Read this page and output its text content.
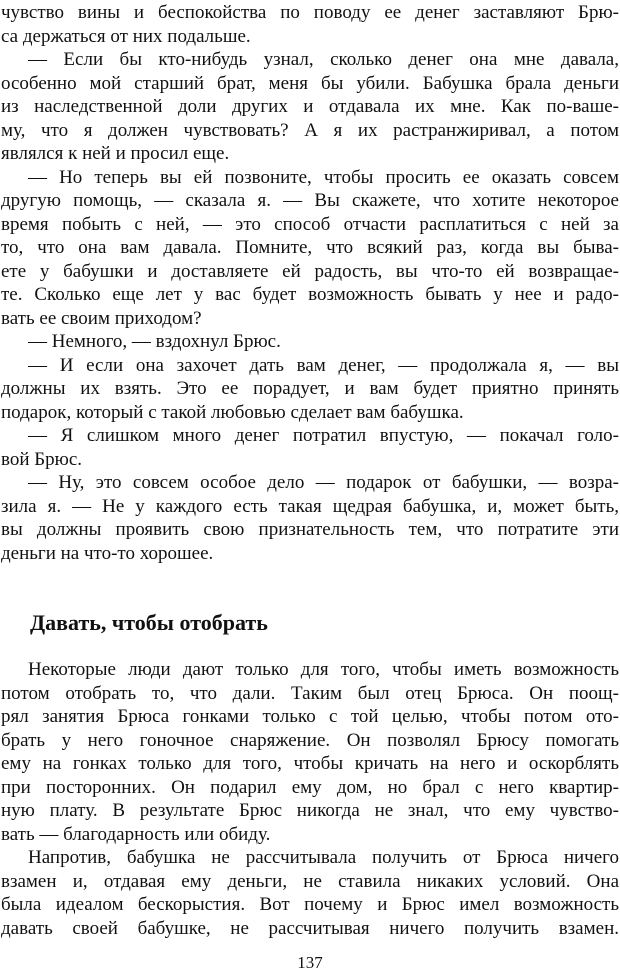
чувство вины и беспокойства по поводу ее денег заставляют Брю-
са держаться от них подальше.
— Если бы кто-нибудь узнал, сколько денег она мне давала,
особенно мой старший брат, меня бы убили. Бабушка брала деньги
из наследственной доли других и отдавала их мне. Как по-ваше-
му, что я должен чувствовать? А я их растранжиривал, а потом
являлся к ней и просил еще.
— Но теперь вы ей позвоните, чтобы просить ее оказать совсем
другую помощь, — сказала я. — Вы скажете, что хотите некоторое
время побыть с ней, — это способ отчасти расплатиться с ней за
то, что она вам давала. Помните, что всякий раз, когда вы быва-
ете у бабушки и доставляете ей радость, вы что-то ей возвращае-
те. Сколько еще лет у вас будет возможность бывать у нее и радо-
вать ее своим приходом?
— Немного, — вздохнул Брюс.
— И если она захочет дать вам денег, — продолжала я, — вы
должны их взять. Это ее порадует, и вам будет приятно принять
подарок, который с такой любовью сделает вам бабушка.
— Я слишком много денег потратил впустую, — покачал голо-
вой Брюс.
— Ну, это совсем особое дело — подарок от бабушки, — возра-
зила я. — Не у каждого есть такая щедрая бабушка, и, может быть,
вы должны проявить свою признательность тем, что потратите эти
деньги на что-то хорошее.
Давать, чтобы отобрать
Некоторые люди дают только для того, чтобы иметь возможность
потом отобрать то, что дали. Таким был отец Брюса. Он поощ-
рял занятия Брюса гонками только с той целью, чтобы потом ото-
брать у него гоночное снаряжение. Он позволял Брюсу помогать
ему на гонках только для того, чтобы кричать на него и оскорблять
при посторонних. Он подарил ему дом, но брал с него квартир-
ную плату. В результате Брюс никогда не знал, что ему чувство-
вать — благодарность или обиду.
Напротив, бабушка не рассчитывала получить от Брюса ничего
взамен и, отдавая ему деньги, не ставила никаких условий. Она
была идеалом бескорыстия. Вот почему и Брюс имел возможность
давать своей бабушке, не рассчитывая ничего получить взамен.
137
